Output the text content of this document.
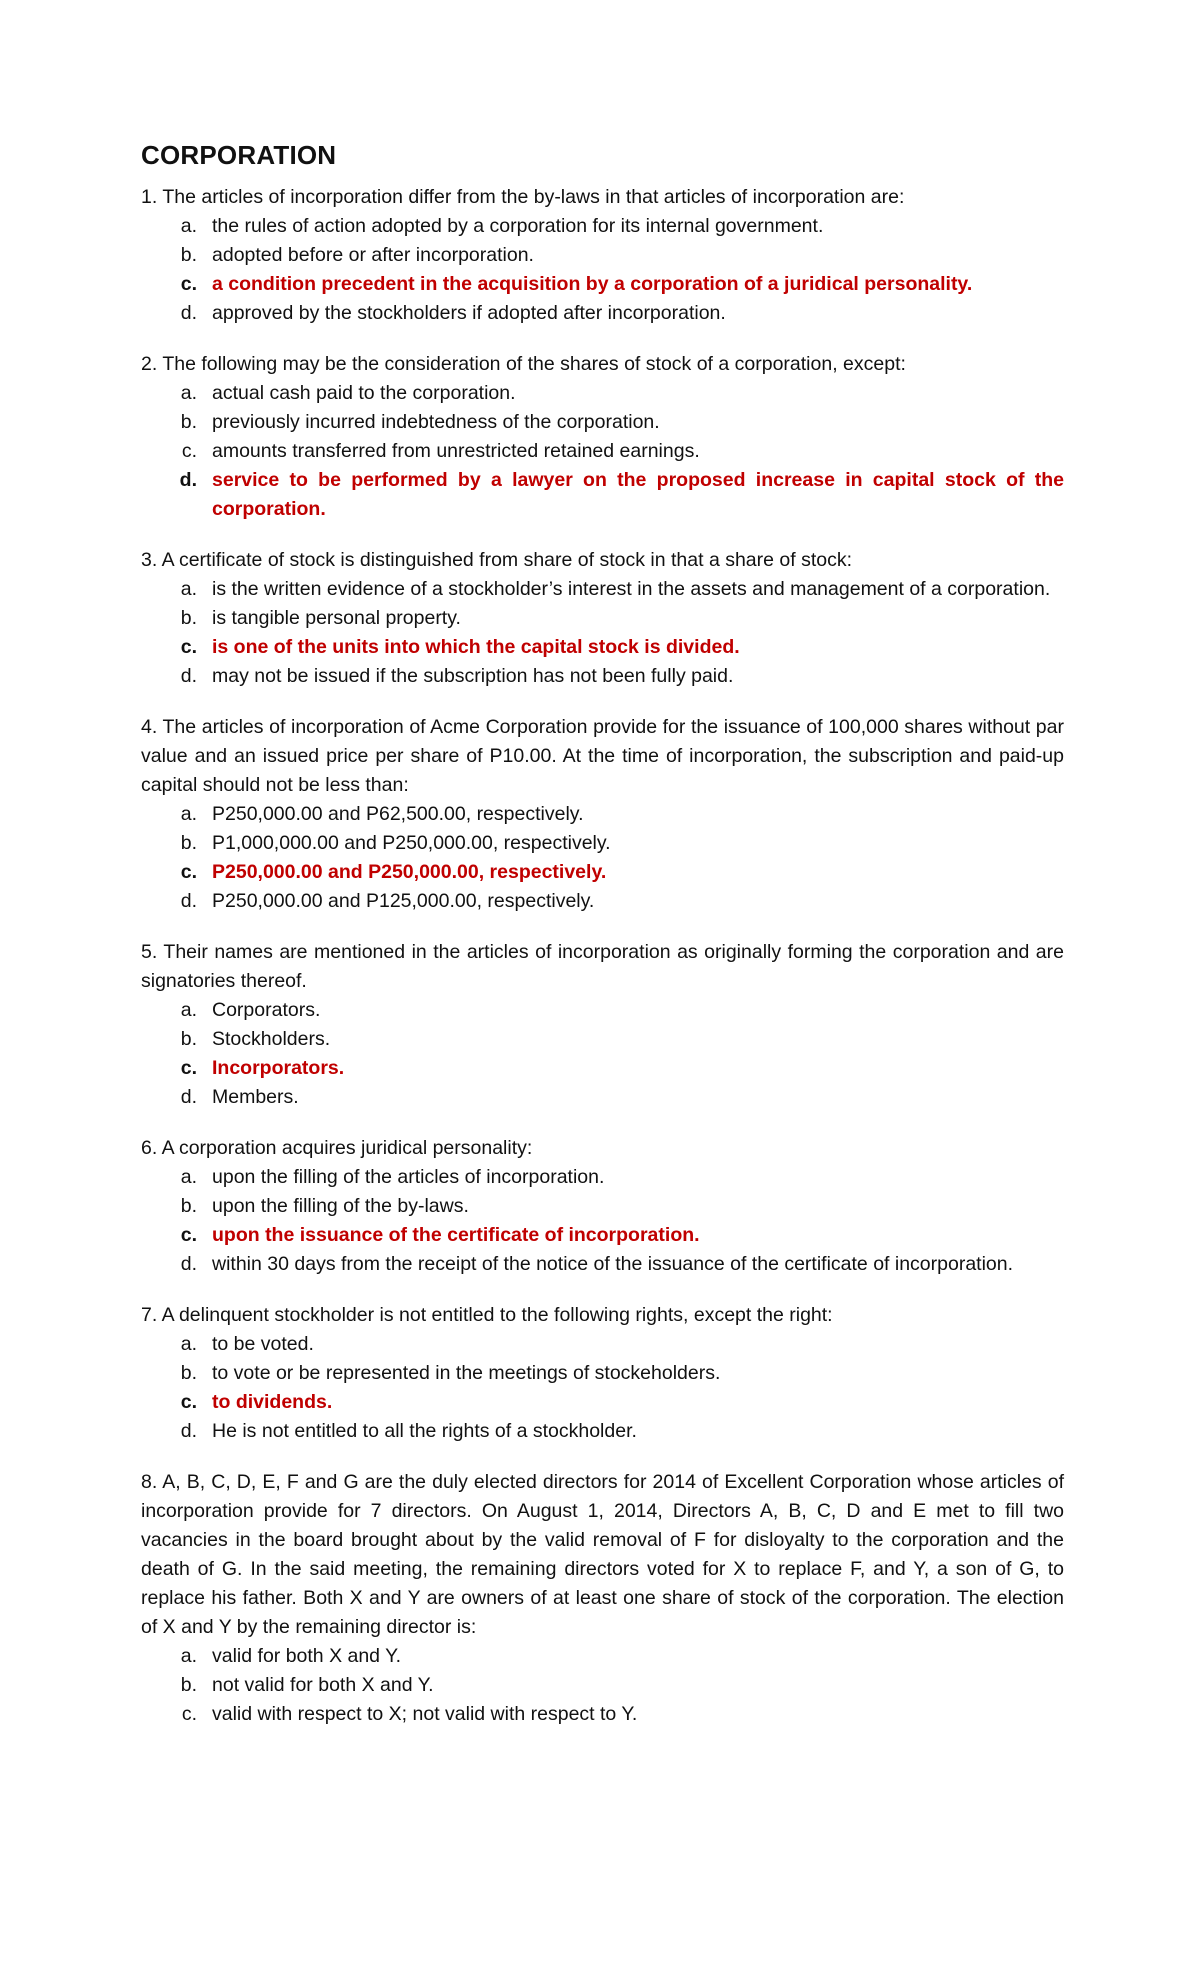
CORPORATION
1. The articles of incorporation differ from the by-laws in that articles of incorporation are:
a. the rules of action adopted by a corporation for its internal government.
b. adopted before or after incorporation.
c. a condition precedent in the acquisition by a corporation of a juridical personality.
d. approved by the stockholders if adopted after incorporation.
2. The following may be the consideration of the shares of stock of a corporation, except:
a. actual cash paid to the corporation.
b. previously incurred indebtedness of the corporation.
c. amounts transferred from unrestricted retained earnings.
d. service to be performed by a lawyer on the proposed increase in capital stock of the corporation.
3. A certificate of stock is distinguished from share of stock in that a share of stock:
a. is the written evidence of a stockholder’s interest in the assets and management of a corporation.
b. is tangible personal property.
c. is one of the units into which the capital stock is divided.
d. may not be issued if the subscription has not been fully paid.
4. The articles of incorporation of Acme Corporation provide for the issuance of 100,000 shares without par value and an issued price per share of P10.00. At the time of incorporation, the subscription and paid-up capital should not be less than:
a. P250,000.00 and P62,500.00, respectively.
b. P1,000,000.00 and P250,000.00, respectively.
c. P250,000.00 and P250,000.00, respectively.
d. P250,000.00 and P125,000.00, respectively.
5. Their names are mentioned in the articles of incorporation as originally forming the corporation and are signatories thereof.
a. Corporators.
b. Stockholders.
c. Incorporators.
d. Members.
6. A corporation acquires juridical personality:
a. upon the filling of the articles of incorporation.
b. upon the filling of the by-laws.
c. upon the issuance of the certificate of incorporation.
d. within 30 days from the receipt of the notice of the issuance of the certificate of incorporation.
7. A delinquent stockholder is not entitled to the following rights, except the right:
a. to be voted.
b. to vote or be represented in the meetings of stockeholders.
c. to dividends.
d. He is not entitled to all the rights of a stockholder.
8. A, B, C, D, E, F and G are the duly elected directors for 2014 of Excellent Corporation whose articles of incorporation provide for 7 directors. On August 1, 2014, Directors A, B, C, D and E met to fill two vacancies in the board brought about by the valid removal of F for disloyalty to the corporation and the death of G. In the said meeting, the remaining directors voted for X to replace F, and Y, a son of G, to replace his father. Both X and Y are owners of at least one share of stock of the corporation. The election of X and Y by the remaining director is:
a. valid for both X and Y.
b. not valid for both X and Y.
c. valid with respect to X; not valid with respect to Y.
